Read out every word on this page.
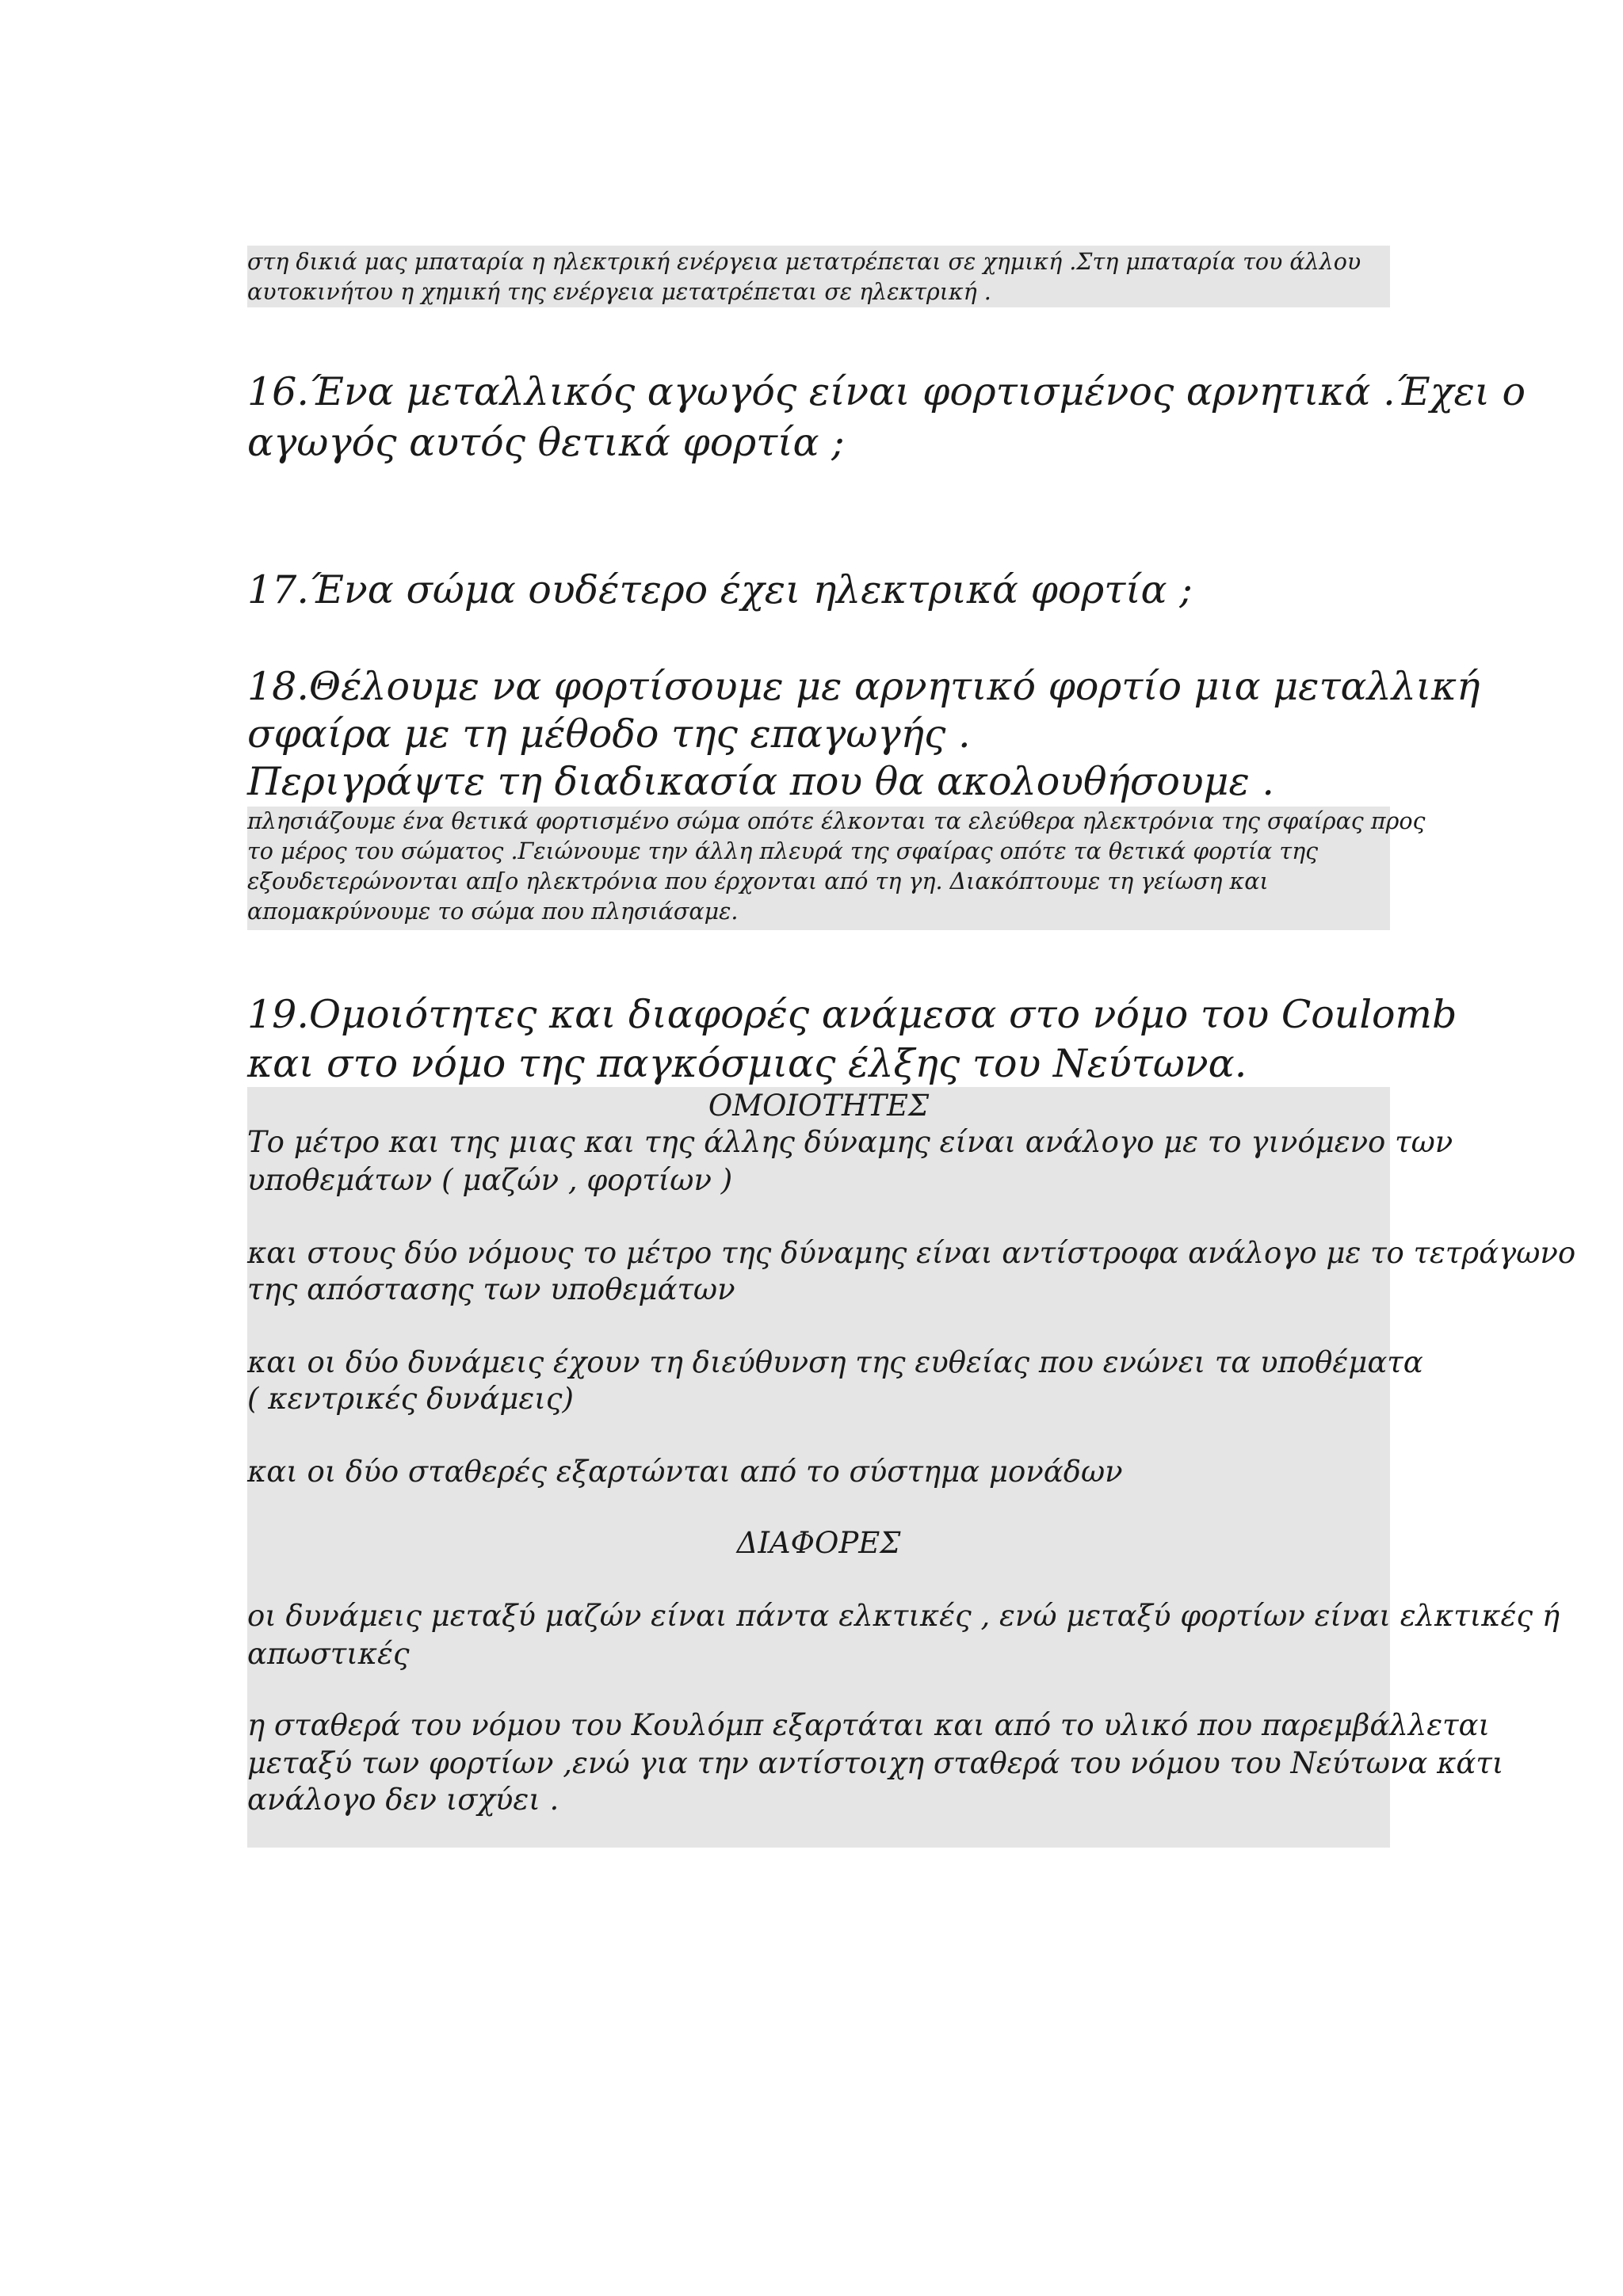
στη δικιά μας μπαταρία η ηλεκτρική ενέργεια μετατρέπεται σε χημική .Στη μπαταρία του άλλου
αυτοκινήτου η χημική της ενέργεια μετατρέπεται σε ηλεκτρική .
16.Ένα μεταλλικός αγωγός είναι φορτισμένος αρνητικά .Έχει ο
αγωγός αυτός θετικά φορτία ;
17.Ένα σώμα ουδέτερο έχει ηλεκτρικά φορτία ;
18.Θέλουμε να φορτίσουμε με αρνητικό φορτίο μια μεταλλική
σφαίρα με τη μέθοδο της επαγωγής .
Περιγράψτε τη διαδικασία που θα ακολουθήσουμε .
πλησιάζουμε ένα θετικά φορτισμένο σώμα οπότε έλκονται τα ελεύθερα ηλεκτρόνια της σφαίρας προς
το μέρος του σώματος .Γειώνουμε την άλλη πλευρά της σφαίρας οπότε τα θετικά φορτία της
εξουδετερώνονται απ[ο ηλεκτρόνια που έρχονται από τη γη. Διακόπτουμε τη γείωση και
απομακρύνουμε το σώμα που πλησιάσαμε.
19.Ομοιότητες και διαφορές ανάμεσα στο νόμο του Coulomb
και στο νόμο της παγκόσμιας έλξης του Νεύτωνα.
ΟΜΟΙΟΤΗΤΕΣ
Το μέτρο και της μιας και της άλλης δύναμης είναι ανάλογο με το γινόμενο των
υποθεμάτων ( μαζών , φορτίων )
και στους δύο νόμους το μέτρο της δύναμης είναι αντίστροφα ανάλογο με το τετράγωνο
της απόστασης των υποθεμάτων
και οι δύο δυνάμεις έχουν τη διεύθυνση της ευθείας που ενώνει τα υποθέματα
( κεντρικές δυνάμεις)
και οι δύο σταθερές εξαρτώνται από το σύστημα μονάδων
ΔΙΑΦΟΡΕΣ
οι δυνάμεις μεταξύ μαζών είναι πάντα ελκτικές , ενώ μεταξύ φορτίων είναι ελκτικές ή
απωστικές
η σταθερά του νόμου του Κουλόμπ εξαρτάται και από το υλικό που παρεμβάλλεται
μεταξύ των φορτίων ,ενώ για την αντίστοιχη σταθερά του νόμου του Νεύτωνα κάτι
ανάλογο δεν ισχύει .
